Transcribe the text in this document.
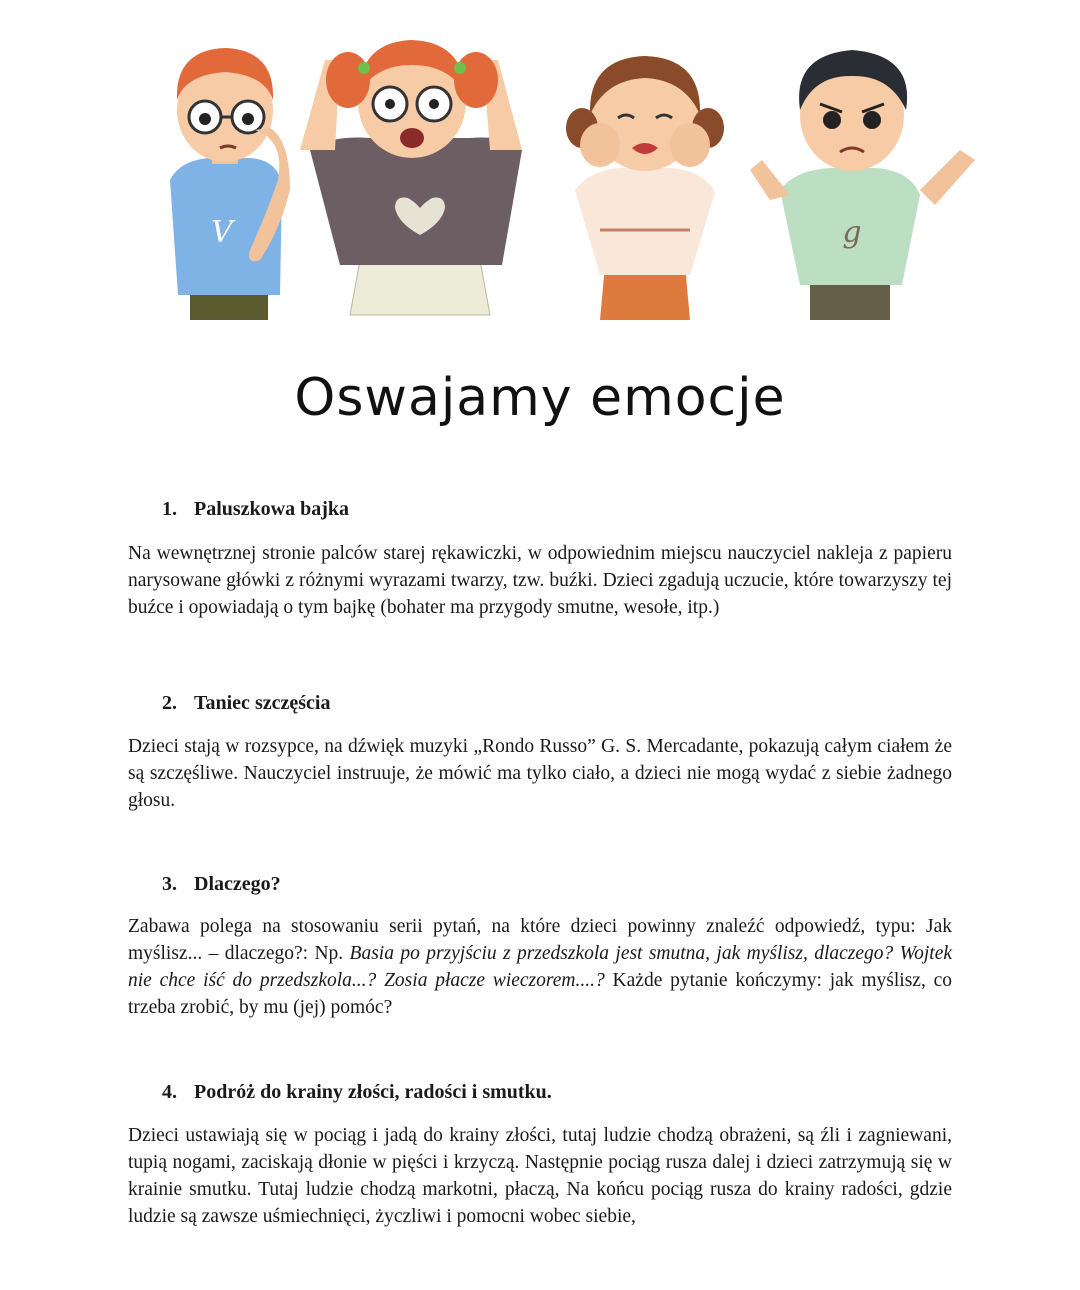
V	g
Oswajamy emocje
1. Paluszkowa bajka
Na wewnętrznej stronie palców starej rękawiczki, w odpowiednim miejscu nauczyciel nakleja z papieru narysowane główki z różnymi wyrazami twarzy, tzw. buźki. Dzieci zgadują uczucie, które towarzyszy tej buźce i opowiadają o tym bajkę (bohater ma przygody smutne, wesołe, itp.)
2. Taniec szczęścia
Dzieci stają w rozsypce, na dźwięk muzyki „Rondo Russo” G. S. Mercadante, pokazują całym ciałem że są szczęśliwe. Nauczyciel instruuje, że mówić ma tylko ciało, a dzieci nie mogą wydać z siebie żadnego głosu.
3. Dlaczego?
Zabawa polega na stosowaniu serii pytań, na które dzieci powinny znaleźć odpowiedź, typu: Jak myślisz... – dlaczego?: Np. Basia po przyjściu z przedszkola jest smutna, jak myślisz, dlaczego? Wojtek nie chce iść do przedszkola...? Zosia płacze wieczorem....? Każde pytanie kończymy: jak myślisz, co trzeba zrobić, by mu (jej) pomóc?
4. Podróż do krainy złości, radości i smutku.
Dzieci ustawiają się w pociąg i jadą do krainy złości, tutaj ludzie chodzą obrażeni, są źli i zagniewani, tupią nogami, zaciskają dłonie w pięści i krzyczą. Następnie pociąg rusza dalej i dzieci zatrzymują się w krainie smutku. Tutaj ludzie chodzą markotni, płaczą, Na końcu pociąg rusza do krainy radości, gdzie ludzie są zawsze uśmiechnięci, życzliwi i pomocni wobec siebie,
